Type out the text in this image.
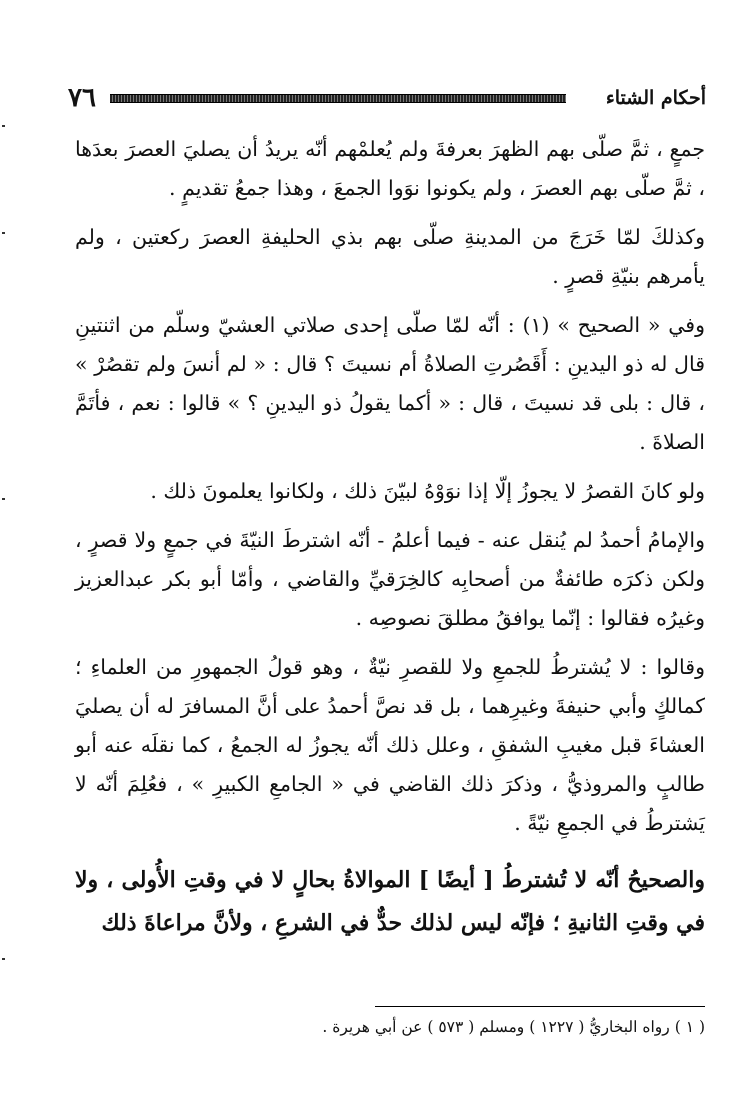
٧٦	أحكام الشتاء

جمعٍ ، ثمَّ صلّى بهم الظهرَ بعرفةَ ولم يُعلمْهم أنّه يريدُ أن يصليَ العصرَ بعدَها ، ثمَّ صلّى بهم العصرَ ، ولم يكونوا نوَوا الجمعَ ، وهذا جمعُ تقديمٍ .

وكذلكَ لمّا خَرَجَ من المدينةِ صلّى بهم بذي الحليفةِ العصرَ ركعتين ، ولم يأمرهم بنيّةِ قصرٍ .

وفي « الصحيح » (١) : أنّه لمّا صلّى إحدى صلاتي العشيّ وسلّم من اثنتينِ قال له ذو اليدينِ : أَقَصُرتِ الصلاةُ أم نسيتَ ؟ قال : « لم أنسَ ولم تقصُرْ » ، قال : بلى قد نسيتَ ، قال : « أكما يقولُ ذو اليدينِ ؟ » قالوا : نعم ، فأتَمَّ الصلاةَ .

ولو كانَ القصرُ لا يجوزُ إلّا إذا نوَوْهُ لبيّنَ ذلك ، ولكانوا يعلمونَ ذلك .

والإمامُ أحمدُ لم يُنقل عنه - فيما أعلمُ - أنّه اشترطَ النيّةَ في جمعٍ ولا قصرٍ ، ولكن ذكرَه طائفةٌ من أصحابِه كالخِرَقيِّ والقاضي ، وأمّا أبو بكر عبدالعزيز وغيرُه فقالوا : إنّما يوافقُ مطلقَ نصوصِه .

وقالوا : لا يُشترطُ للجمعِ ولا للقصرِ نيّةٌ ، وهو قولُ الجمهورِ من العلماءِ ؛ كمالكٍ وأبي حنيفةَ وغيرِهما ، بل قد نصَّ أحمدُ على أنَّ المسافرَ له أن يصليَ العشاءَ قبل مغيبِ الشفقِ ، وعلل ذلك أنّه يجوزُ له الجمعُ ، كما نقلَه عنه أبو طالبٍ والمروذيُّ ، وذكرَ ذلك القاضي في « الجامعِ الكبيرِ » ، فعُلِمَ أنّه لا يَشترطُ في الجمعِ نيّةً .

والصحيحُ أنّه لا تُشترطُ [ أيضًا ] الموالاةُ بحالٍ لا في وقتِ الأُولى ، ولا في وقتِ الثانيةِ ؛ فإنّه ليس لذلك حدٌّ في الشرعِ ، ولأنَّ مراعاةَ ذلك

( ١ ) رواه البخاريُّ ( ١٢٢٧ ) ومسلم ( ٥٧٣ ) عن أبي هريرة .
